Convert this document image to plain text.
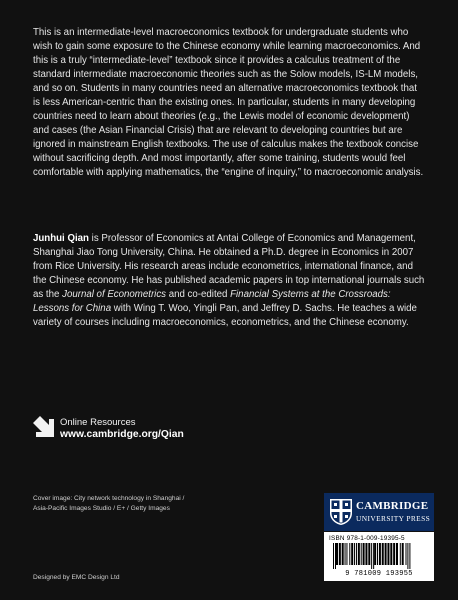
This is an intermediate-level macroeconomics textbook for undergraduate students who wish to gain some exposure to the Chinese economy while learning macroeconomics. And this is a truly “intermediate-level” textbook since it provides a calculus treatment of the standard intermediate macroeconomic theories such as the Solow models, IS-LM models, and so on. Students in many countries need an alternative macroeconomics textbook that is less American-centric than the existing ones. In particular, students in many developing countries need to learn about theories (e.g., the Lewis model of economic development) and cases (the Asian Financial Crisis) that are relevant to developing countries but are ignored in mainstream English textbooks. The use of calculus makes the textbook concise without sacrificing depth. And most importantly, after some training, students would feel comfortable with applying mathematics, the “engine of inquiry,” to macroeconomic analysis.

Junhui Qian is Professor of Economics at Antai College of Economics and Management, Shanghai Jiao Tong University, China. He obtained a Ph.D. degree in Economics in 2007 from Rice University. His research areas include econometrics, international finance, and the Chinese economy. He has published academic papers in top international journals such as the Journal of Econometrics and co-edited Financial Systems at the Crossroads: Lessons for China with Wing T. Woo, Yingli Pan, and Jeffrey D. Sachs. He teaches a wide variety of courses including macroeconomics, econometrics, and the Chinese economy.

Online Resources
www.cambridge.org/Qian

Cover image: City network technology in Shanghai /

Asia-Pacific Images Studio / E+ / Getty Images

Designed by EMC Design Ltd
CAMBRIDGE
UNIVERSITY PRESS
ISBN 978-1-009-19395-5
9 781009 193955
